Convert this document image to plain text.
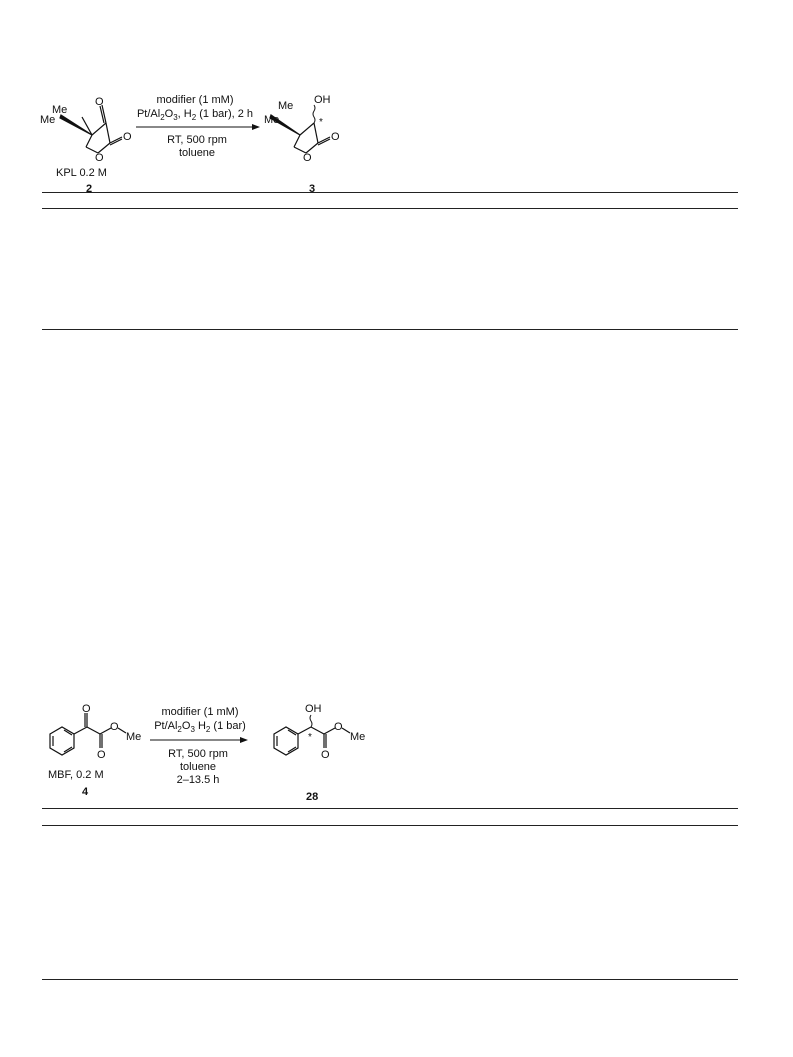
Me
Me
O
O
O
KPL 0.2 M
2
modifier (1 mM)
$Pt/Al_2O_3$, $H_2$ (1 bar), 2 h
RT, 500 rpm
toluene
Me
Me
OH
*
O
O
3
O
O
O
Me
MBF, 0.2 M
4
modifier (1 mM)
$Pt/Al_2O_3$ $H_2$ (1 bar)
RT, 500 rpm
toluene
2–13.5 h
OH
*
O
O
Me
28
